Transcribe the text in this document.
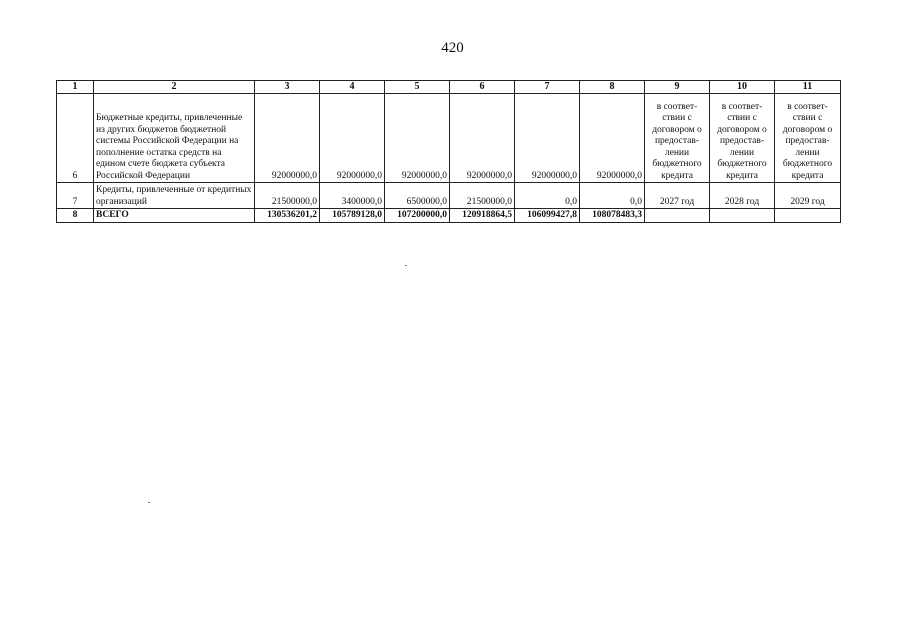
420
1	2	3	4	5	6	7	8	9	10	11
6	Бюджетные кредиты, привлеченные из других бюджетов бюджетной системы Российской Федерации на пополнение остатка средств на едином счете бюджета субъекта Российской Федерации	92000000,0	92000000,0	92000000,0	92000000,0	92000000,0	92000000,0	в соответ-ствии с договором о предостав-лении бюджетного кредита	в соответ-ствии с договором о предостав-лении бюджетного кредита	в соответ-ствии с договором о предостав-лении бюджетного кредита
7	Кредиты, привлеченные от кредитных организаций	21500000,0	3400000,0	6500000,0	21500000,0	0,0	0,0	2027 год	2028 год	2029 год
8	ВСЕГО	130536201,2	105789128,0	107200000,0	120918864,5	106099427,8	108078483,3			
